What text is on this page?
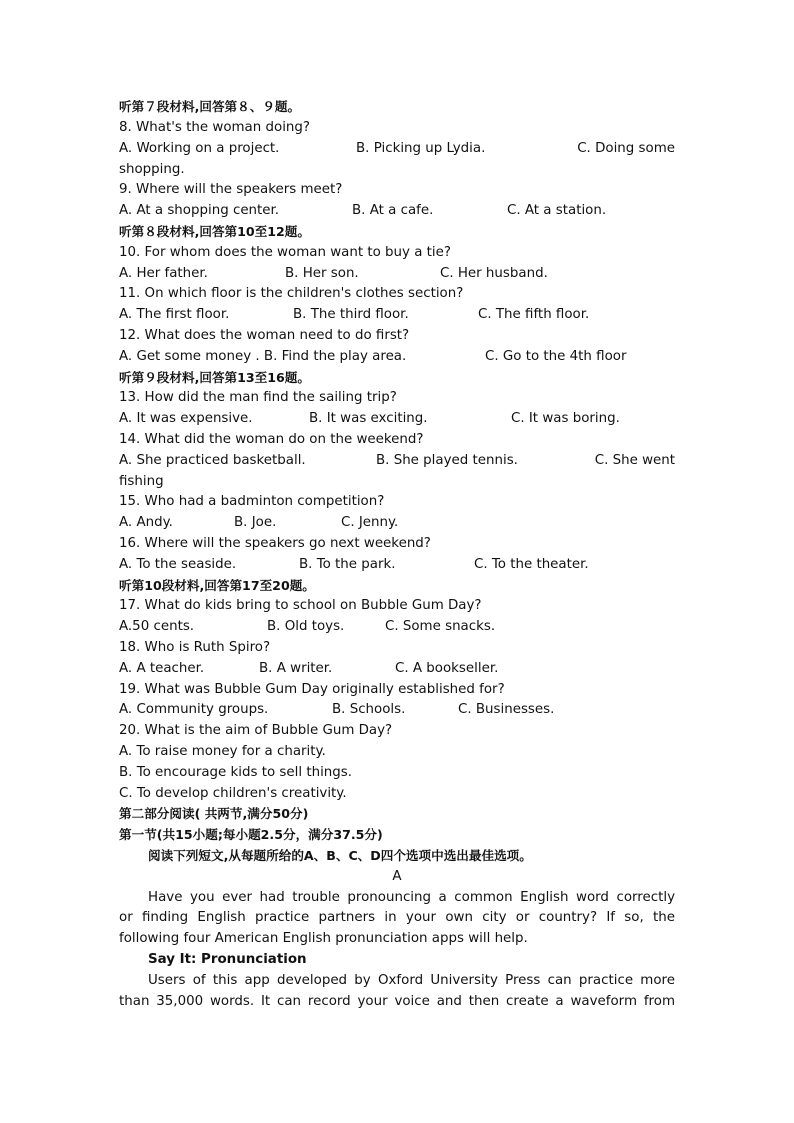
听第７段材料,回答第８、９题。
8. What's the woman doing?
A. Working on a project.	B. Picking up Lydia.	C. Doing some
shopping.
9. Where will the speakers meet?
A. At a shopping center.	B. At a cafe.	C. At a station.
听第８段材料,回答第10至12题。
10. For whom does the woman want to buy a tie?
A. Her father.	B. Her son.	C. Her husband.
11. On which floor is the children's clothes section?
A. The first floor.	B. The third floor.	C. The fifth floor.
12. What does the woman need to do first?
A. Get some money . B. Find the play area.	C. Go to the 4th floor
听第９段材料,回答第13至16题。
13. How did the man find the sailing trip?
A. It was expensive.	B. It was exciting.	C. It was boring.
14. What did the woman do on the weekend?
A. She practiced basketball.	B. She played tennis.	C. She went
fishing
15. Who had a badminton competition?
A. Andy.	B. Joe.	C. Jenny.
16. Where will the speakers go next weekend?
A. To the seaside.	B. To the park.	C. To the theater.
听第10段材料,回答第17至20题。
17. What do kids bring to school on Bubble Gum Day?
A.50 cents.	B. Old toys.	C. Some snacks.
18. Who is Ruth Spiro?
A. A teacher.	B. A writer.	C. A bookseller.
19. What was Bubble Gum Day originally established for?
A. Community groups.	B. Schools.	C. Businesses.
20. What is the aim of Bubble Gum Day?
A. To raise money for a charity.
B. To encourage kids to sell things.
C. To develop children's creativity.
第二部分阅读( 共两节,满分50分)
第一节(共15小题;每小题2.5分，满分37.5分)
阅读下列短文,从每题所给的A、B、C、D四个选项中选出最佳选项。
A
Have you ever had trouble pronouncing a common English word correctly
or finding English practice partners in your own city or country? If so, the
following four American English pronunciation apps will help.
Say It: Pronunciation
Users of this app developed by Oxford University Press can practice more
than 35,000 words. It can record your voice and then create a waveform from
